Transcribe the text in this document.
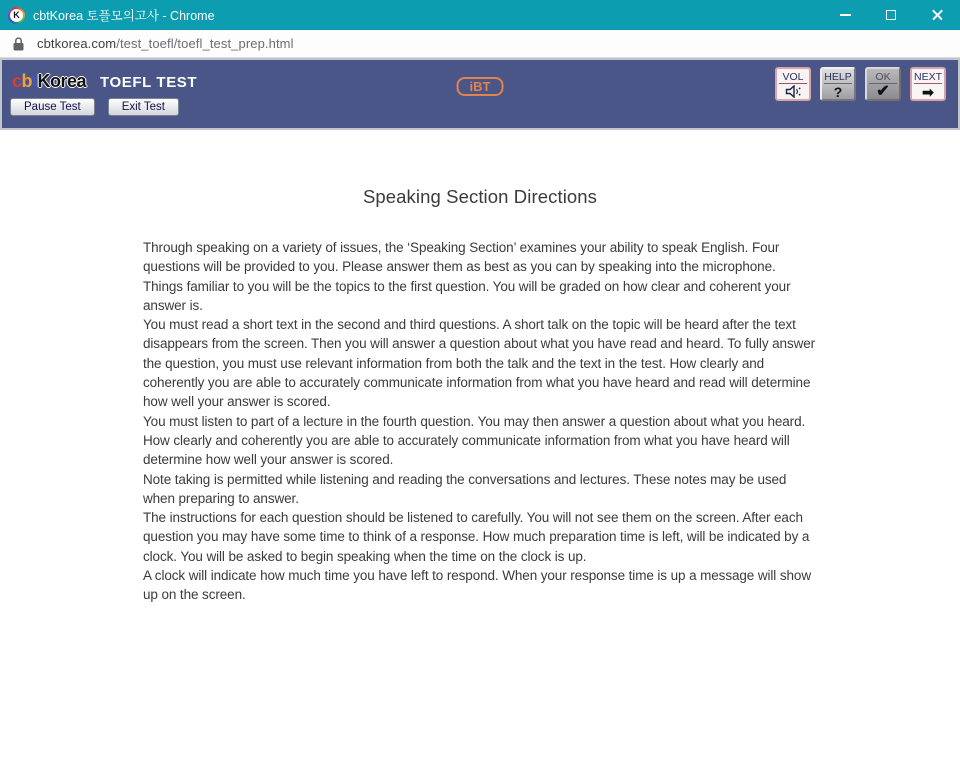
K cbtKorea 토플모의고사 - Chrome
cbtkorea.com/test_toefl/toefl_test_prep.html
cbtKorea TOEFL TEST
Pause Test	Exit Test
iBT
VOL	HELP
?
OK
✔
NEXT
➡
Speaking Section Directions

Through speaking on a variety of issues, the ‘Speaking Section’ examines your ability to speak English. Four questions will be provided to you. Please answer them as best as you can by speaking into the microphone.

Things familiar to you will be the topics to the first question. You will be graded on how clear and coherent your answer is.

You must read a short text in the second and third questions. A short talk on the topic will be heard after the text disappears from the screen. Then you will answer a question about what you have read and heard. To fully answer the question, you must use relevant information from both the talk and the text in the test. How clearly and coherently you are able to accurately communicate information from what you have heard and read will determine how well your answer is scored.

You must listen to part of a lecture in the fourth question. You may then answer a question about what you heard. How clearly and coherently you are able to accurately communicate information from what you have heard will determine how well your answer is scored.

Note taking is permitted while listening and reading the conversations and lectures. These notes may be used when preparing to answer.

The instructions for each question should be listened to carefully. You will not see them on the screen. After each question you may have some time to think of a response. How much preparation time is left, will be indicated by a clock. You will be asked to begin speaking when the time on the clock is up.

A clock will indicate how much time you have left to respond. When your response time is up a message will show up on the screen.
